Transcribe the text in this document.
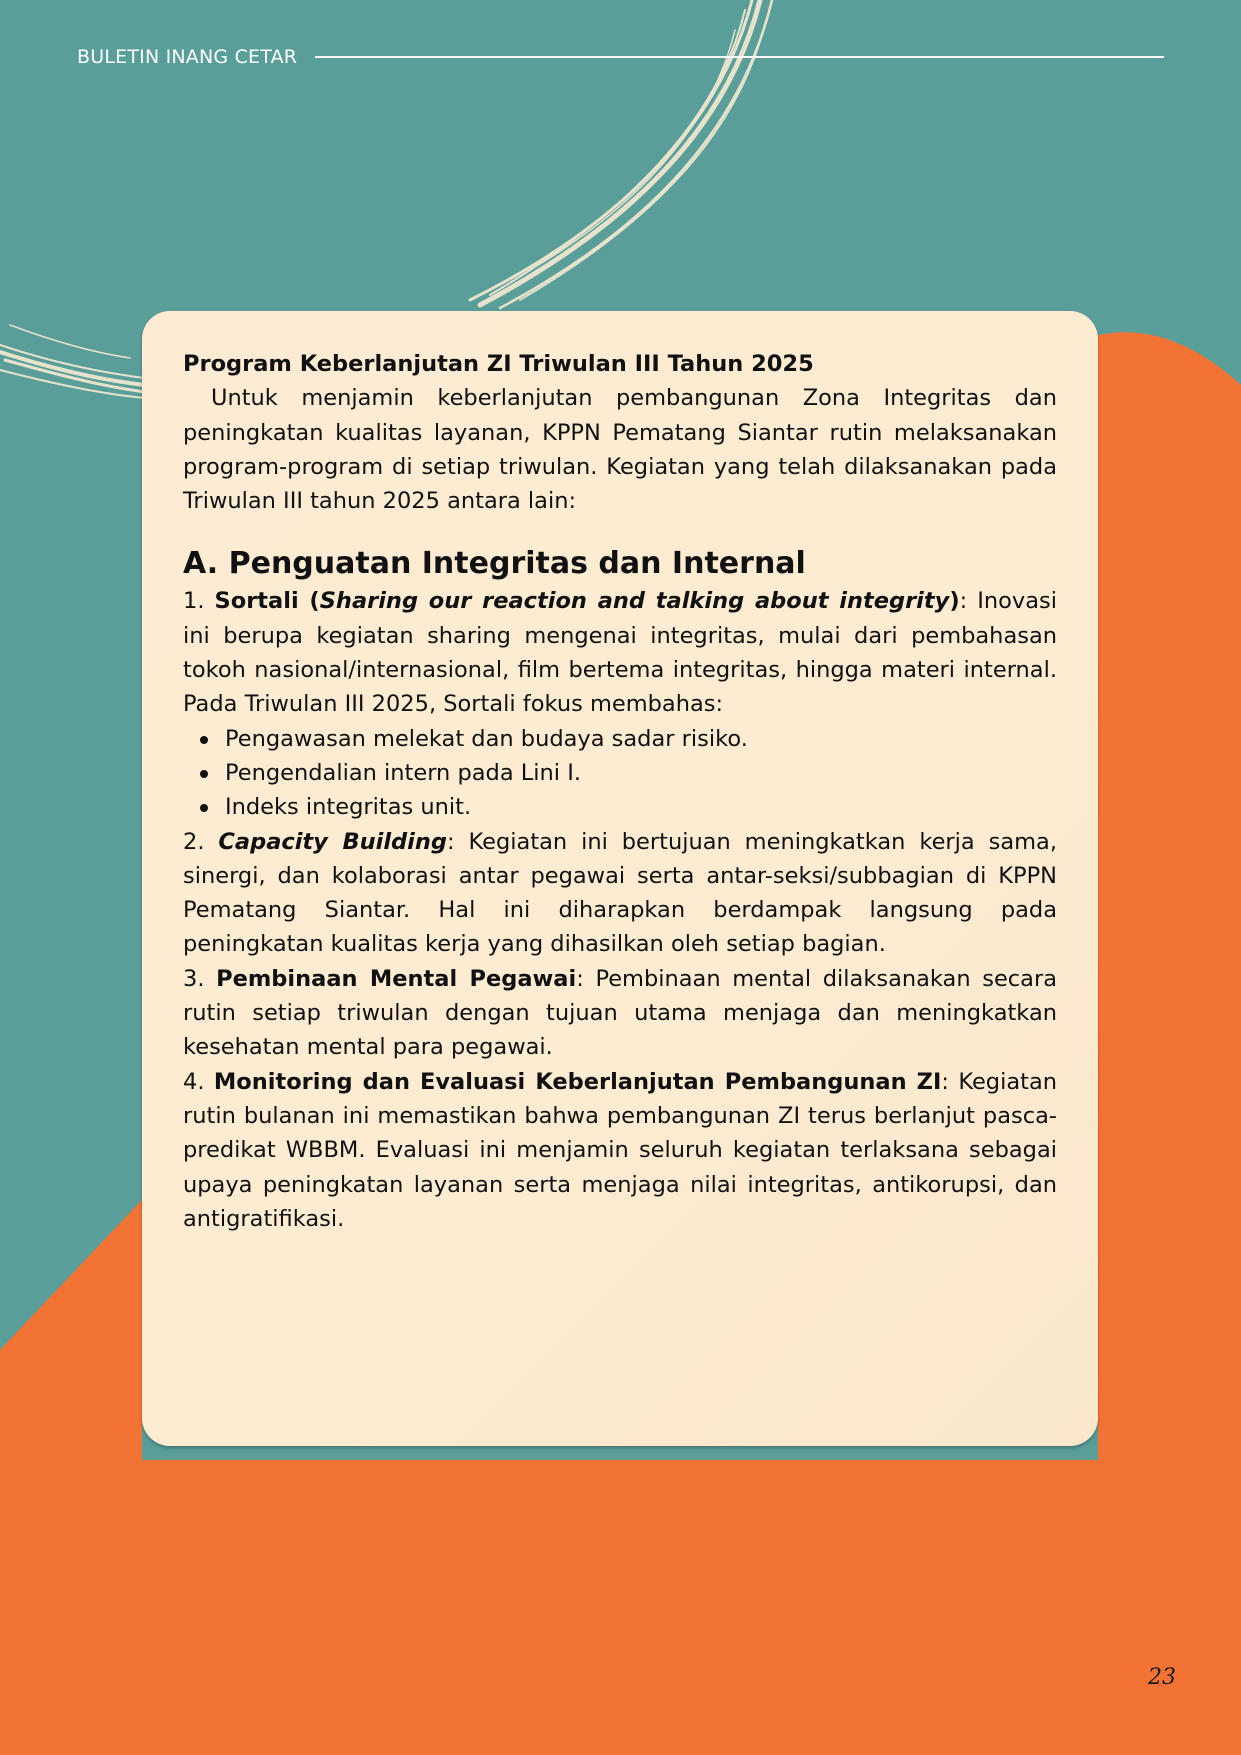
BULETIN INANG CETAR

Program Keberlanjutan ZI Triwulan III Tahun 2025

Untuk menjamin keberlanjutan pembangunan Zona Integritas dan peningkatan kualitas layanan, KPPN Pematang Siantar rutin melaksanakan program-program di setiap triwulan. Kegiatan yang telah dilaksanakan pada Triwulan III tahun 2025 antara lain:

A. Penguatan Integritas dan Internal

1. Sortali (Sharing our reaction and talking about integrity): Inovasi ini berupa kegiatan sharing mengenai integritas, mulai dari pembahasan tokoh nasional/internasional, film bertema integritas, hingga materi internal. Pada Triwulan III 2025, Sortali fokus membahas:

Pengawasan melekat dan budaya sadar risiko.
Pengendalian intern pada Lini I.
Indeks integritas unit.

2. Capacity Building: Kegiatan ini bertujuan meningkatkan kerja sama, sinergi, dan kolaborasi antar pegawai serta antar-seksi/subbagian di KPPN Pematang Siantar. Hal ini diharapkan berdampak langsung pada peningkatan kualitas kerja yang dihasilkan oleh setiap bagian.

3. Pembinaan Mental Pegawai: Pembinaan mental dilaksanakan secara rutin setiap triwulan dengan tujuan utama menjaga dan meningkatkan kesehatan mental para pegawai.

4. Monitoring dan Evaluasi Keberlanjutan Pembangunan ZI: Kegiatan rutin bulanan ini memastikan bahwa pembangunan ZI terus berlanjut pasca-predikat WBBM. Evaluasi ini menjamin seluruh kegiatan terlaksana sebagai upaya peningkatan layanan serta menjaga nilai integritas, antikorupsi, dan antigratifikasi.

23
